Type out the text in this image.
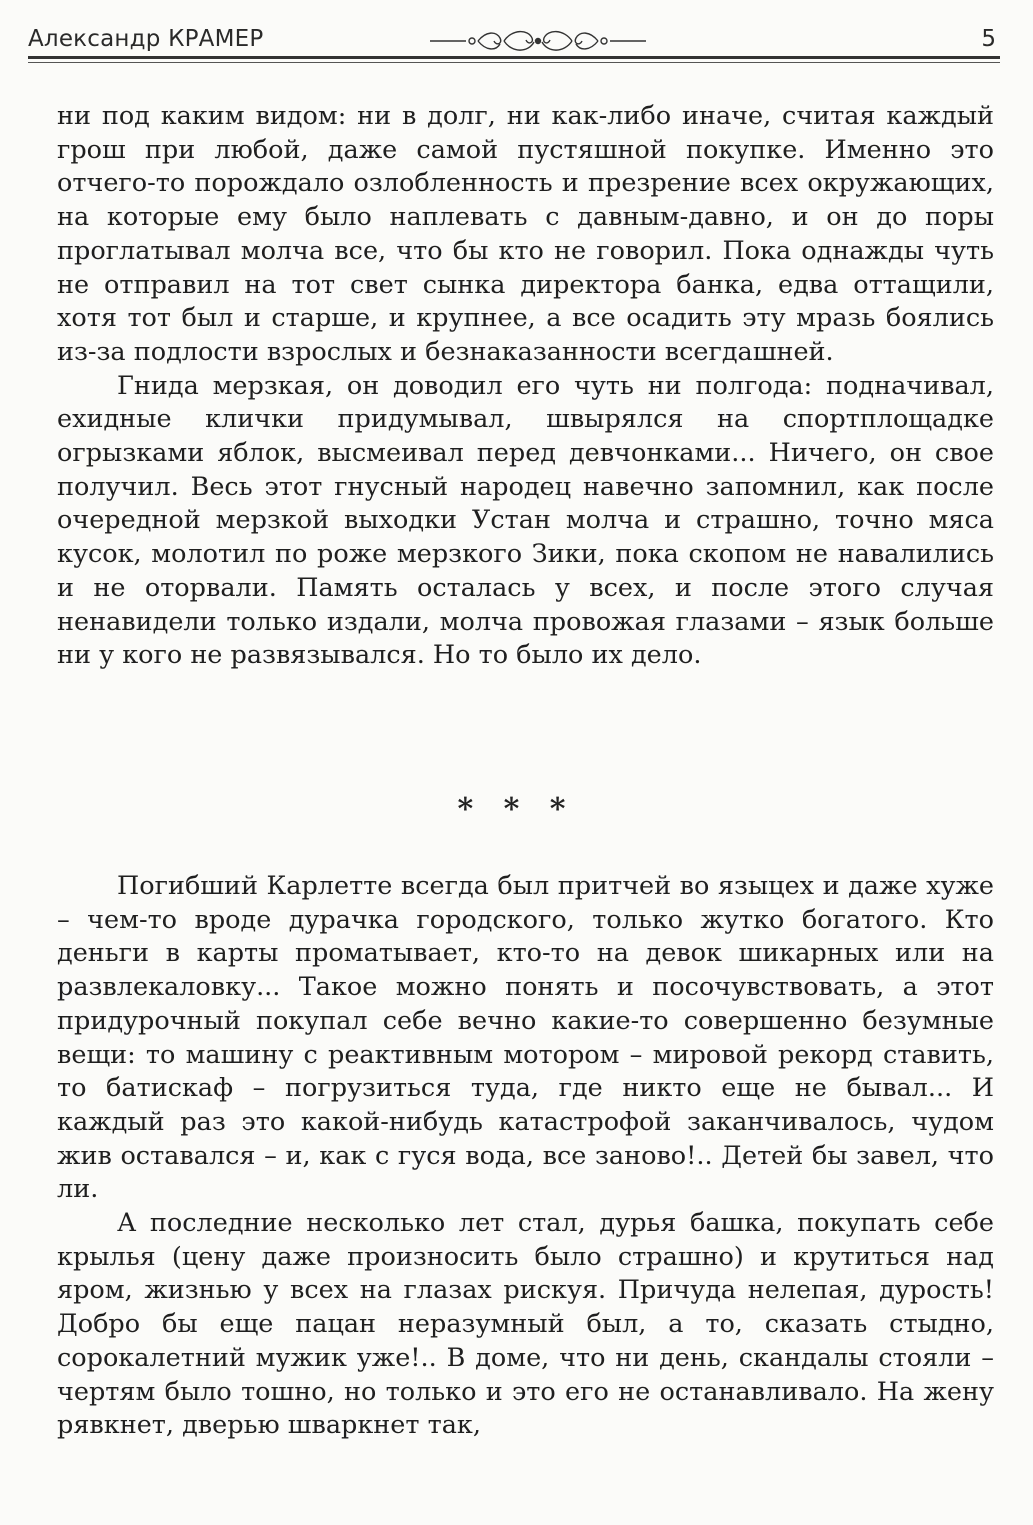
Александр КРАМЕР	5

ни под каким видом: ни в долг, ни как-либо иначе, считая каждый грош при любой, даже самой пустяшной покупке. Именно это отчего-то порождало озлобленность и презрение всех окружающих, на которые ему было наплевать с давным-давно, и он до поры проглатывал молча все, что бы кто не говорил. Пока однажды чуть не отправил на тот свет сынка директора банка, едва оттащили, хотя тот был и старше, и крупнее, а все осадить эту мразь боялись из-за подлости взрослых и безнаказанности всегдашней.

Гнида мерзкая, он доводил его чуть ни полгода: подначивал, ехидные клички придумывал, швырялся на спортплощадке огрызками яблок, высмеивал перед девчонками... Ничего, он свое получил. Весь этот гнусный народец навечно запомнил, как после очередной мерзкой выходки Устан молча и страшно, точно мяса кусок, молотил по роже мерзкого Зики, пока скопом не навалились и не оторвали. Память осталась у всех, и после этого случая ненавидели только издали, молча провожая глазами – язык больше ни у кого не развязывался. Но то было их дело.

* * *

Погибший Карлетте всегда был притчей во языцех и даже хуже – чем-то вроде дурачка городского, только жутко богатого. Кто деньги в карты проматывает, кто-то на девок шикарных или на развлекаловку... Такое можно понять и посочувствовать, а этот придурочный покупал себе вечно какие-то совершенно безумные вещи: то машину с реактивным мотором – мировой рекорд ставить, то батискаф – погрузиться туда, где никто еще не бывал... И каждый раз это какой-нибудь катастрофой заканчивалось, чудом жив оставался – и, как с гуся вода, все заново!.. Детей бы завел, что ли.

А последние несколько лет стал, дурья башка, покупать себе крылья (цену даже произносить было страшно) и крутиться над яром, жизнью у всех на глазах рискуя. Причуда нелепая, дурость! Добро бы еще пацан неразумный был, а то, сказать стыдно, сорокалетний мужик уже!.. В доме, что ни день, скандалы стояли – чертям было тошно, но только и это его не останавливало. На жену рявкнет, дверью шваркнет так,
